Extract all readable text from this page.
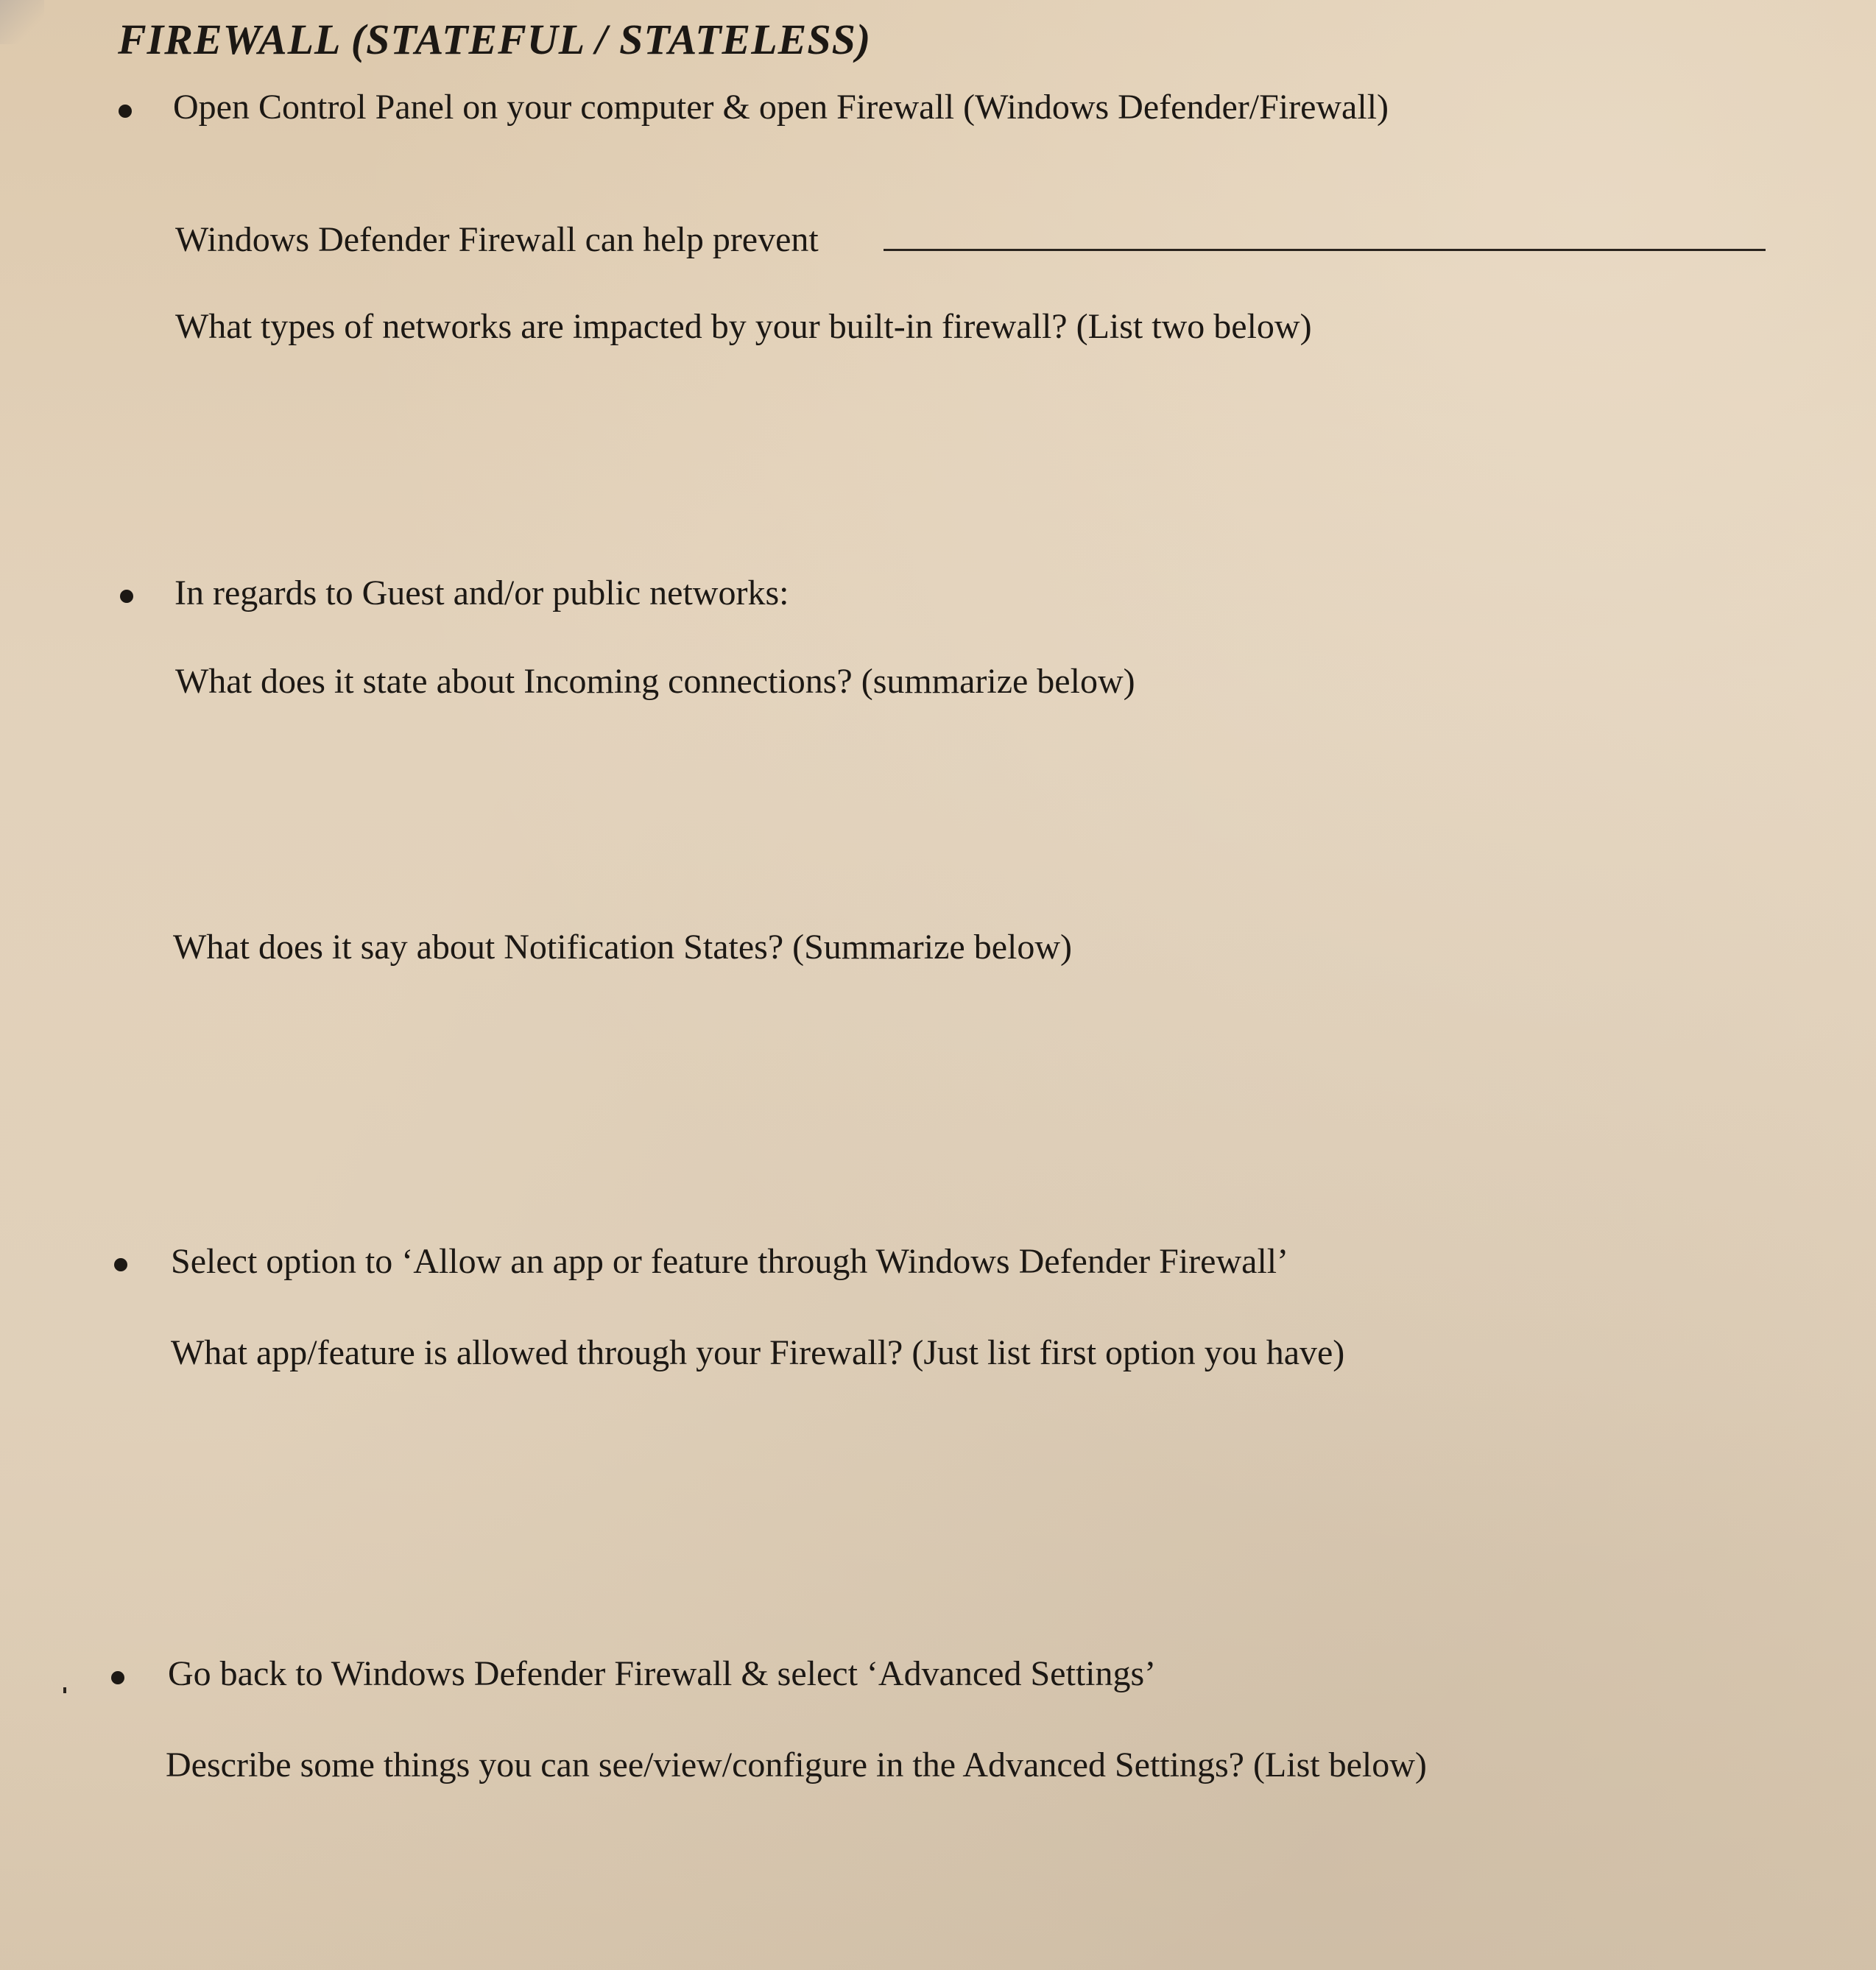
FIREWALL (STATEFUL / STATELESS)
Open Control Panel on your computer & open Firewall (Windows Defender/Firewall)
Windows Defender Firewall can help prevent
What types of networks are impacted by your built-in firewall? (List two below)
In regards to Guest and/or public networks:
What does it state about Incoming connections? (summarize below)
What does it say about Notification States? (Summarize below)
Select option to ‘Allow an app or feature through Windows Defender Firewall’
What app/feature is allowed through your Firewall? (Just list first option you have)
Go back to Windows Defender Firewall & select ‘Advanced Settings’
Describe some things you can see/view/configure in the Advanced Settings? (List below)
